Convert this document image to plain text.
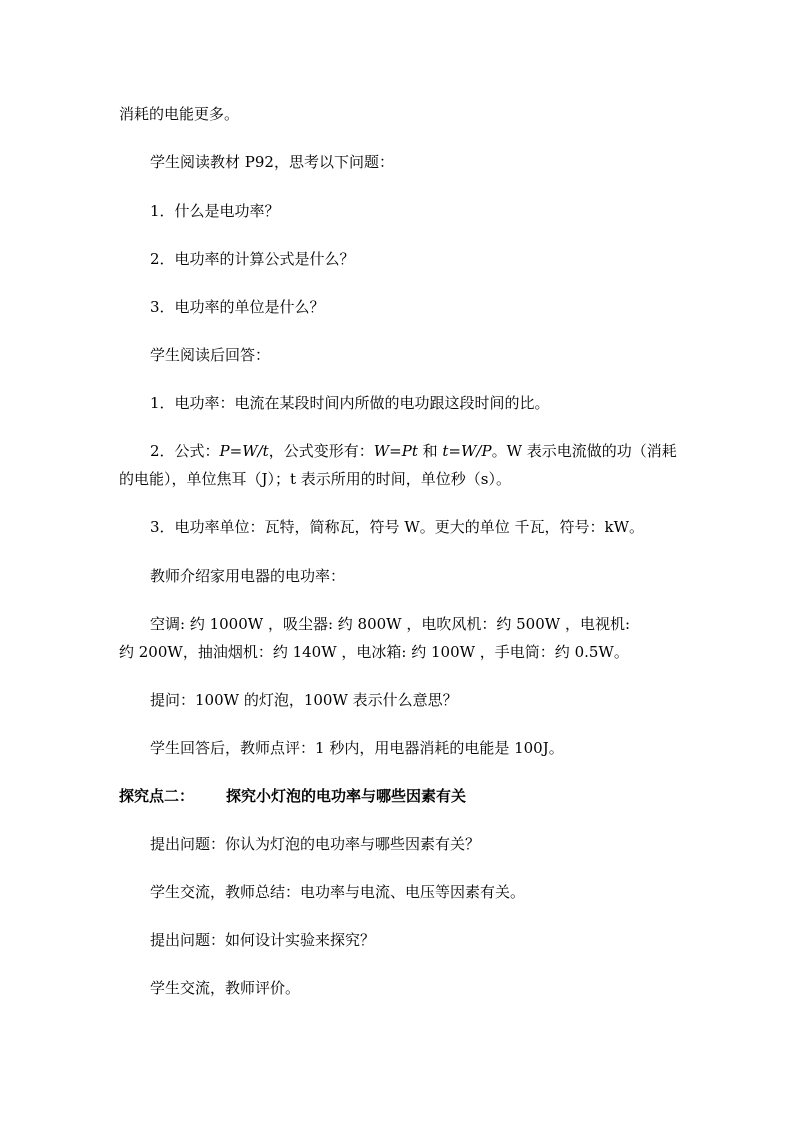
消耗的电能更多。
学生阅读教材 P92，思考以下问题：
1．什么是电功率？
2．电功率的计算公式是什么？
3．电功率的单位是什么？
学生阅读后回答：
1．电功率：电流在某段时间内所做的电功跟这段时间的比。
2．公式：P=W/t，公式变形有：W=Pt 和 t=W/P。W 表示电流做的功（消耗
的电能），单位焦耳（J）；t 表示所用的时间，单位秒（s）。
3．电功率单位：瓦特，简称瓦，符号 W。更大的单位 千瓦，符号：kW。
教师介绍家用电器的电功率：
空调: 约 1000W ，吸尘器: 约 800W ，电吹风机：约 500W ，电视机:
约 200W，抽油烟机：约 140W ，电冰箱: 约 100W ，手电筒：约 0.5W。
提问：100W 的灯泡，100W 表示什么意思？
学生回答后，教师点评：1 秒内，用电器消耗的电能是 100J。
探究点二： 探究小灯泡的电功率与哪些因素有关
提出问题：你认为灯泡的电功率与哪些因素有关？
学生交流，教师总结：电功率与电流、电压等因素有关。
提出问题：如何设计实验来探究？
学生交流，教师评价。
